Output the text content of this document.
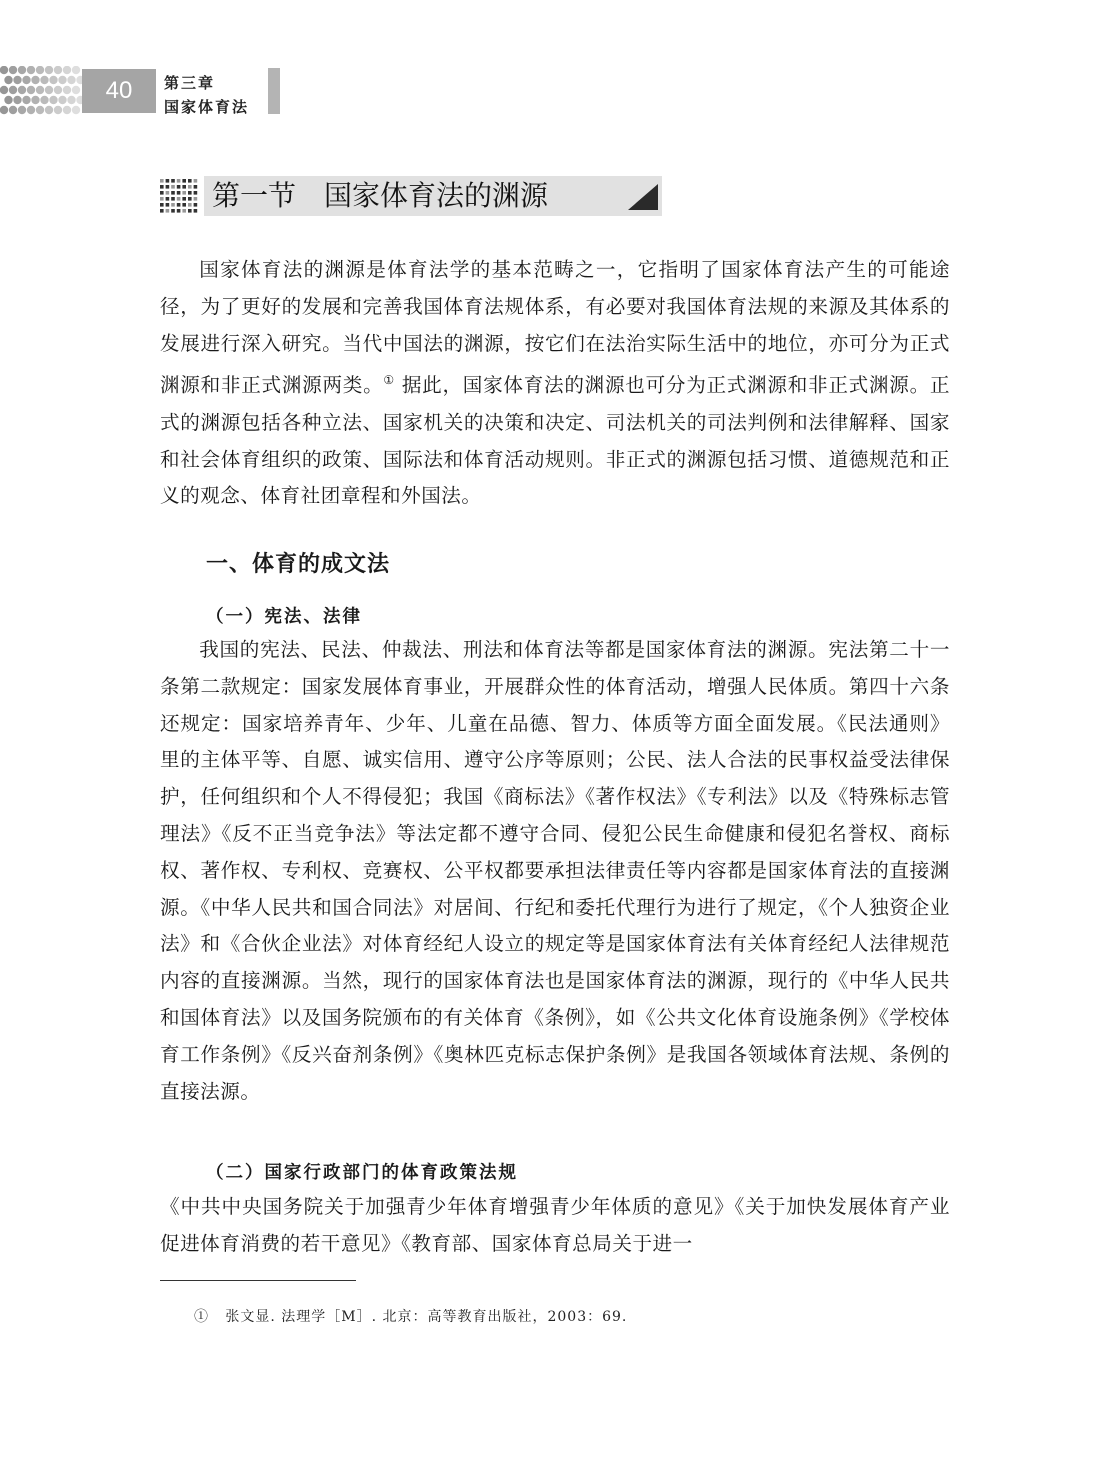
40	第三章
国家体育法
第一节　国家体育法的渊源

国家体育法的渊源是体育法学的基本范畴之一，它指明了国家体育法产生的可能途径，为了更好的发展和完善我国体育法规体系，有必要对我国体育法规的来源及其体系的发展进行深入研究。当代中国法的渊源，按它们在法治实际生活中的地位，亦可分为正式渊源和非正式渊源两类。① 据此，国家体育法的渊源也可分为正式渊源和非正式渊源。正式的渊源包括各种立法、国家机关的决策和决定、司法机关的司法判例和法律解释、国家和社会体育组织的政策、国际法和体育活动规则。非正式的渊源包括习惯、道德规范和正义的观念、体育社团章程和外国法。

一、体育的成文法
（一）宪法、法律

我国的宪法、民法、仲裁法、刑法和体育法等都是国家体育法的渊源。宪法第二十一条第二款规定：国家发展体育事业，开展群众性的体育活动，增强人民体质。第四十六条还规定：国家培养青年、少年、儿童在品德、智力、体质等方面全面发展。《民法通则》里的主体平等、自愿、诚实信用、遵守公序等原则；公民、法人合法的民事权益受法律保护，任何组织和个人不得侵犯；我国《商标法》《著作权法》《专利法》以及《特殊标志管理法》《反不正当竞争法》等法定都不遵守合同、侵犯公民生命健康和侵犯名誉权、商标权、著作权、专利权、竞赛权、公平权都要承担法律责任等内容都是国家体育法的直接渊源。《中华人民共和国合同法》对居间、行纪和委托代理行为进行了规定，《个人独资企业法》和《合伙企业法》对体育经纪人设立的规定等是国家体育法有关体育经纪人法律规范内容的直接渊源。当然，现行的国家体育法也是国家体育法的渊源，现行的《中华人民共和国体育法》以及国务院颁布的有关体育《条例》，如《公共文化体育设施条例》《学校体育工作条例》《反兴奋剂条例》《奥林匹克标志保护条例》是我国各领域体育法规、条例的直接法源。

（二）国家行政部门的体育政策法规

《中共中央国务院关于加强青少年体育增强青少年体质的意见》《关于加快发展体育产业促进体育消费的若干意见》《教育部、国家体育总局关于进一

① 张文显. 法理学［M］. 北京：高等教育出版社，2003：69.
